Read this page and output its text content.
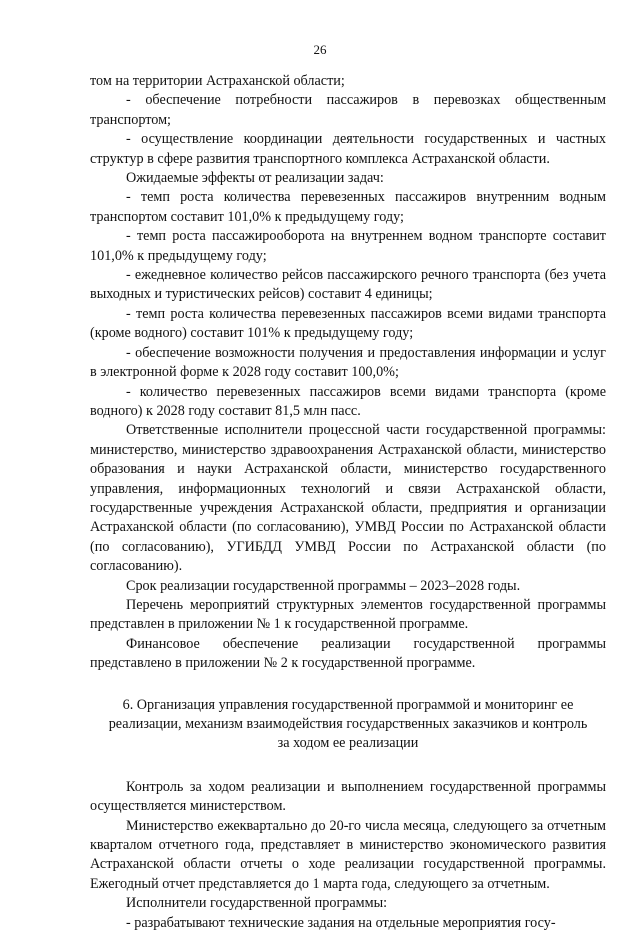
26

том на территории Астраханской области;

- обеспечение потребности пассажиров в перевозках общественным транспортом;

- осуществление координации деятельности государственных и частных структур в сфере развития транспортного комплекса Астраханской области.

Ожидаемые эффекты от реализации задач:

- темп роста количества перевезенных пассажиров внутренним водным транспортом составит 101,0% к предыдущему году;

- темп роста пассажирооборота на внутреннем водном транспорте составит 101,0% к предыдущему году;

- ежедневное количество рейсов пассажирского речного транспорта (без учета выходных и туристических рейсов) составит 4 единицы;

- темп роста количества перевезенных пассажиров всеми видами транспорта (кроме водного) составит 101% к предыдущему году;

- обеспечение возможности получения и предоставления информации и услуг в электронной форме к 2028 году составит 100,0%;

- количество перевезенных пассажиров всеми видами транспорта (кроме водного) к 2028 году составит 81,5 млн пасс.

Ответственные исполнители процессной части государственной программы: министерство, министерство здравоохранения Астраханской области, министерство образования и науки Астраханской области, министерство государственного управления, информационных технологий и связи Астраханской области, государственные учреждения Астраханской области, предприятия и организации Астраханской области (по согласованию), УМВД России по Астраханской области (по согласованию), УГИБДД УМВД России по Астраханской области (по согласованию).

Срок реализации государственной программы – 2023–2028 годы.

Перечень мероприятий структурных элементов государственной программы представлен в приложении № 1 к государственной программе.

Финансовое обеспечение реализации государственной программы представлено в приложении № 2 к государственной программе.

6. Организация управления государственной программой и мониторинг ее
реализации, механизм взаимодействия государственных заказчиков и контроль
за ходом ее реализации

Контроль за ходом реализации и выполнением государственной программы осуществляется министерством.

Министерство ежеквартально до 20-го числа месяца, следующего за отчетным кварталом отчетного года, представляет в министерство экономического развития Астраханской области отчеты о ходе реализации государственной программы. Ежегодный отчет представляется до 1 марта года, следующего за отчетным.

Исполнители государственной программы:

- разрабатывают технические задания на отдельные мероприятия госу-
